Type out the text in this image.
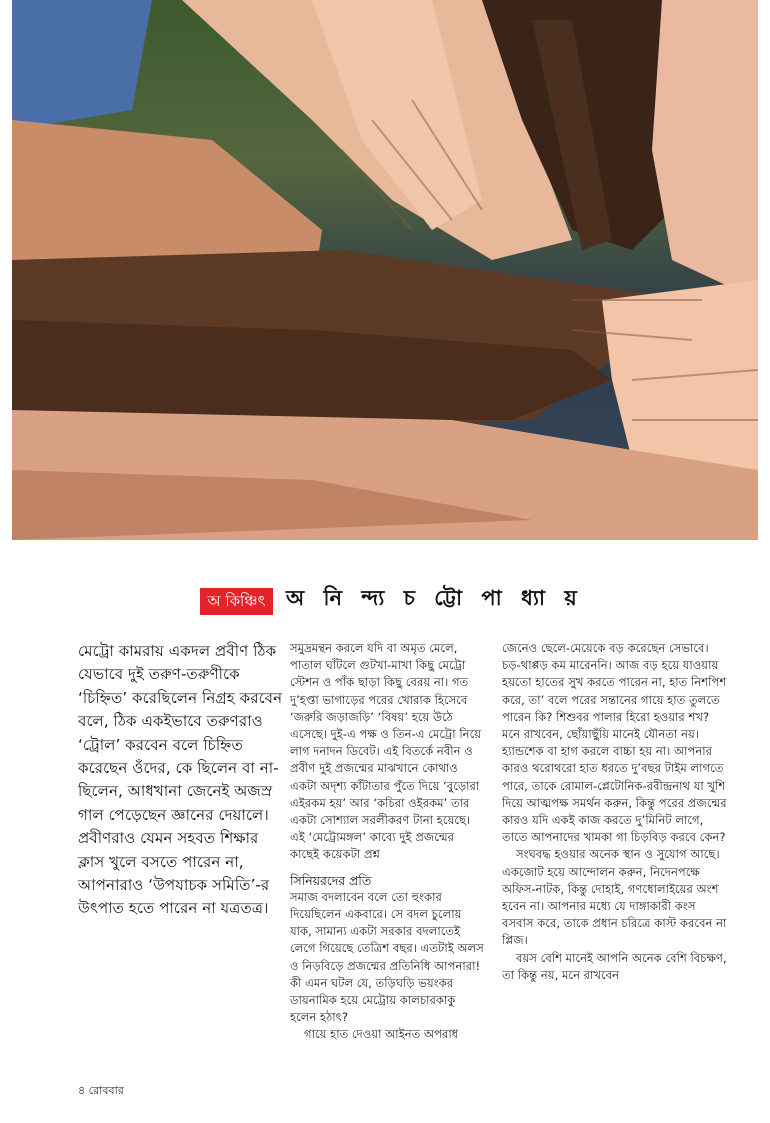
অ কিঞ্চিৎ অ নি ন্দ্য চ ট্টো পা ধ্যা য়
মেট্রো কামরায় একদল প্রবীণ ঠিক যেভাবে দুই তরুণ-তরুণীকে ‘চিহ্নিত’ করেছিলেন নিগ্রহ করবেন বলে, ঠিক একইভাবে তরুণরাও ‘ট্রোল’ করবেন বলে চিহ্নিত করেছেন ওঁদের, কে ছিলেন বা না-ছিলেন, আধখানা জেনেই অজস্র গাল পেড়েছেন জ্ঞানের দেয়ালে। প্রবীণরাও যেমন সহবত শিক্ষার ক্লাস খুলে বসতে পারেন না, আপনারাও ‘উপযাচক সমিতি’-র উৎপাত হতে পারেন না যত্রতত্র।

সমুদ্রমন্থন করলে যদি বা অমৃত মেলে, পাতাল ঘাঁটলে গুটখা-মাখা কিছু মেট্রো স্টেশন ও পাঁক ছাড়া কিছু বেরয় না। গত দু’হপ্তা ভাগাড়ের পরের খোরাক হিসেবে ‘জরুরি জড়াজড়ি’ ‘বিষয়’ হয়ে উঠে এসেছে। দুই-এ পক্ষ ও তিন-এ মেট্রো নিয়ে লাগ দনাদন ডিবেট। এই বিতর্কে নবীন ও প্রবীণ দুই প্রজন্মের মাঝখানে কোথাও একটা অদৃশ্য কাঁটাতার পুঁতে দিয়ে ‘বুড়োরা এইরকম হয়’ আর ‘কচিরা ওইরকম’ তার একটা সোশ্যাল সরলীকরণ টানা হয়েছে। এই ‘মেট্রোমঙ্গল’ কাব্যে দুই প্রজন্মের কাছেই কয়েকটা প্রশ্ন

সিনিয়রদের প্রতি

সমাজ বদলাবেন বলে তো হুংকার দিয়েছিলেন একবারে। সে বদল চুলোয় যাক, সামান্য একটা সরকার বদলাতেই লেগে গিয়েছে তেত্রিশ বছর। এতটাই অলস ও নিড়বিড়ে প্রজন্মের প্রতিনিধি আপনারা! কী এমন ঘটল যে, তড়িঘড়ি ভয়ংকর ডায়নামিক হয়ে মেট্রোয় কালচারকাকু হলেন হঠাৎ?

গায়ে হাত দেওয়া আইনত অপরাধ

জেনেও ছেলে-মেয়েকে বড় করেছেন সেভাবে। চড়-থাপ্পড় কম মারেননি। আজ বড় হয়ে যাওয়ায় হয়তো হাতের সুখ করতে পারেন না, হাত নিশপিশ করে, তা’ বলে পরের সন্তানের গায়ে হাত তুলতে পারেন কি? শিশুবর পালার হিরো হওয়ার শখ? মনে রাখবেন, ছোঁয়াছুঁয়ি মানেই যৌনতা নয়। হ্যান্ডশেক বা হাগ করলে বাচ্চা হয় না। আপনার কারও থরোথরো হাত ধরতে দু’বছর টাইম লাগতে পারে, তাকে রোমাল-প্লেটোনিক-রবীন্দ্রনাথ যা খুশি দিয়ে আত্মপক্ষ সমর্থন করুন, কিন্তু পরের প্রজন্মের কারও যদি একই কাজ করতে দু’মিনিট লাগে, তাতে আপনাদের খামকা গা চিড়বিড় করবে কেন?

সংঘবদ্ধ হওয়ার অনেক স্থান ও সুযোগ আছে। একজোট হয়ে আন্দোলন করুন, নিদেনপক্ষে অফিস-নাটক, কিন্তু দোহাই, গণধোলাইয়ের অংশ হবেন না। আপনার মধ্যে যে দাঙ্গাকারী কংস বসবাস করে, তাকে প্রধান চরিত্রে কাস্ট করবেন না প্লিজ।

বয়স বেশি মানেই আপনি অনেক বেশি বিচক্ষণ, তা কিন্তু নয়, মনে রাখবেন

৪ রোববার
